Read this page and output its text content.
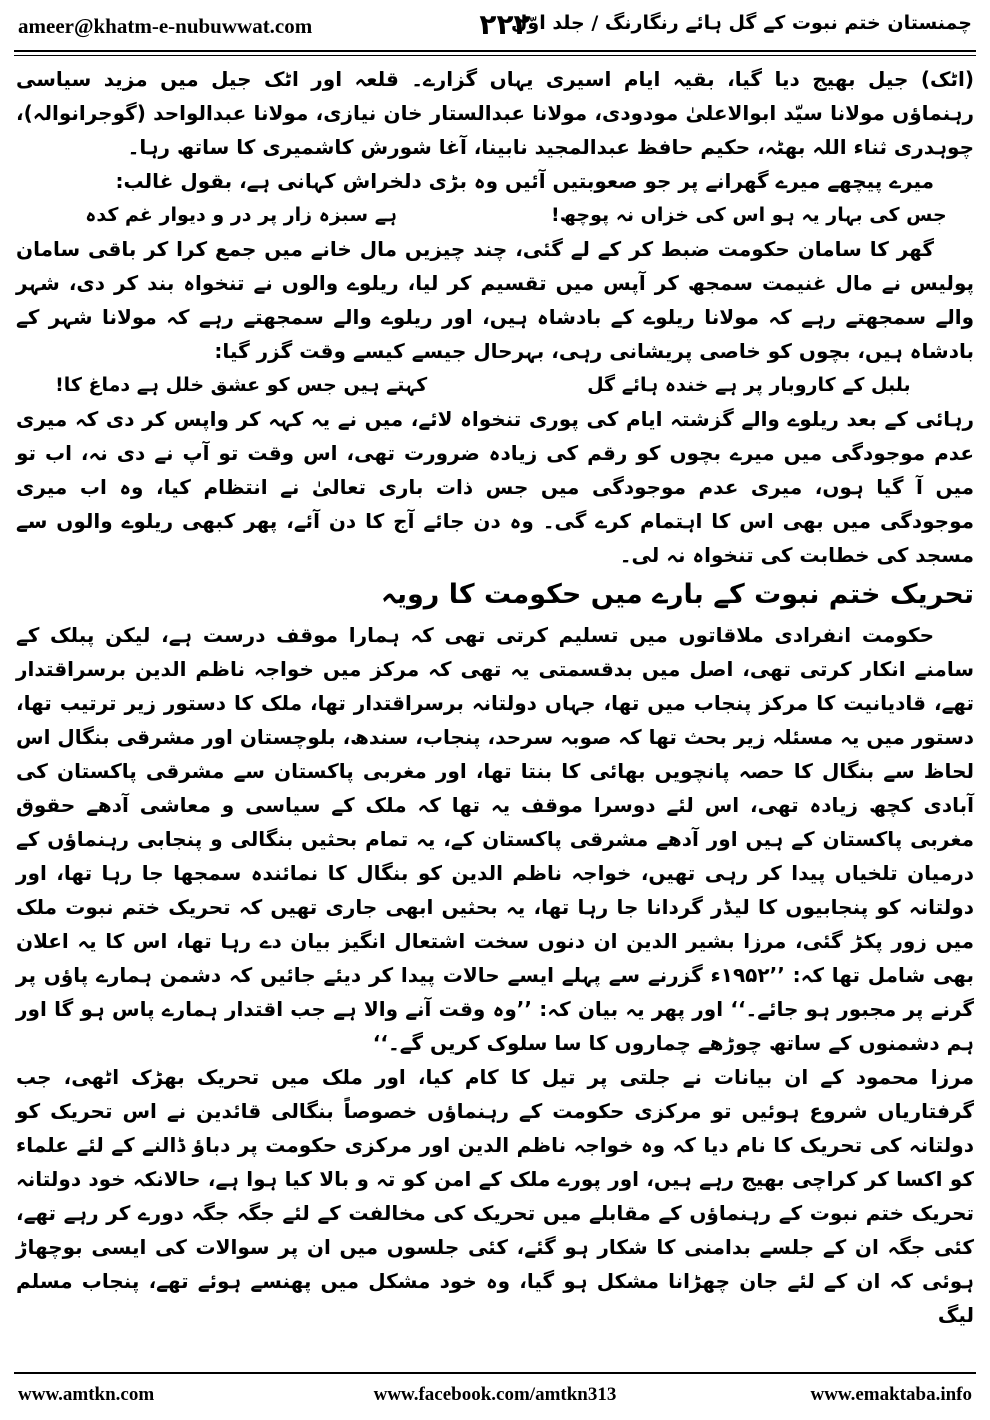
ameer@khatm-e-nubuwwat.com	۲۲۲
چمنستان ختم نبوت کے گل ہائے رنگارنگ / جلد اوّل

(اٹک) جیل بھیج دیا گیا، بقیہ ایام اسیری یہاں گزارے۔ قلعہ اور اٹک جیل میں مزید سیاسی رہنماؤں مولانا سیّد ابوالاعلیٰ مودودی، مولانا عبدالستار خان نیازی، مولانا عبدالواحد (گوجرانوالہ)، چوہدری ثناء اللہ بھٹہ، حکیم حافظ عبدالمجید نابینا، آغا شورش کاشمیری کا ساتھ رہا۔

میرے پیچھے میرے گھرانے پر جو صعوبتیں آئیں وہ بڑی دلخراش کہانی ہے، بقول غالب:

جس کی بہار یہ ہو اس کی خزاں نہ پوچھ!
ہے سبزہ زار پر در و دیوار غم کدہ

گھر کا سامان حکومت ضبط کر کے لے گئی، چند چیزیں مال خانے میں جمع کرا کر باقی سامان پولیس نے مال غنیمت سمجھ کر آپس میں تقسیم کر لیا، ریلوے والوں نے تنخواہ بند کر دی، شہر والے سمجھتے رہے کہ مولانا ریلوے کے بادشاہ ہیں، اور ریلوے والے سمجھتے رہے کہ مولانا شہر کے بادشاہ ہیں، بچوں کو خاصی پریشانی رہی، بہرحال جیسے کیسے وقت گزر گیا:

بلبل کے کاروبار پر ہے خندہ ہائے گل
کہتے ہیں جس کو عشق خلل ہے دماغ کا!

رہائی کے بعد ریلوے والے گزشتہ ایام کی پوری تنخواہ لائے، میں نے یہ کہہ کر واپس کر دی کہ میری عدم موجودگی میں میرے بچوں کو رقم کی زیادہ ضرورت تھی، اس وقت تو آپ نے دی نہ، اب تو میں آ گیا ہوں، میری عدم موجودگی میں جس ذات باری تعالیٰ نے انتظام کیا، وہ اب میری موجودگی میں بھی اس کا اہتمام کرے گی۔ وہ دن جائے آج کا دن آئے، پھر کبھی ریلوے والوں سے مسجد کی خطابت کی تنخواہ نہ لی۔

تحریک ختم نبوت کے بارے میں حکومت کا رویہ

حکومت انفرادی ملاقاتوں میں تسلیم کرتی تھی کہ ہمارا موقف درست ہے، لیکن پبلک کے سامنے انکار کرتی تھی، اصل میں بدقسمتی یہ تھی کہ مرکز میں خواجہ ناظم الدین برسراقتدار تھے، قادیانیت کا مرکز پنجاب میں تھا، جہاں دولتانہ برسراقتدار تھا، ملک کا دستور زیر ترتیب تھا، دستور میں یہ مسئلہ زیر بحث تھا کہ صوبہ سرحد، پنجاب، سندھ، بلوچستان اور مشرقی بنگال اس لحاظ سے بنگال کا حصہ پانچویں بھائی کا بنتا تھا، اور مغربی پاکستان سے مشرقی پاکستان کی آبادی کچھ زیادہ تھی، اس لئے دوسرا موقف یہ تھا کہ ملک کے سیاسی و معاشی آدھے حقوق مغربی پاکستان کے ہیں اور آدھے مشرقی پاکستان کے، یہ تمام بحثیں بنگالی و پنجابی رہنماؤں کے درمیان تلخیاں پیدا کر رہی تھیں، خواجہ ناظم الدین کو بنگال کا نمائندہ سمجھا جا رہا تھا، اور دولتانہ کو پنجابیوں کا لیڈر گردانا جا رہا تھا، یہ بحثیں ابھی جاری تھیں کہ تحریک ختم نبوت ملک میں زور پکڑ گئی، مرزا بشیر الدین ان دنوں سخت اشتعال انگیز بیان دے رہا تھا، اس کا یہ اعلان بھی شامل تھا کہ: ’’۱۹۵۲ء گزرنے سے پہلے ایسے حالات پیدا کر دیئے جائیں کہ دشمن ہمارے پاؤں پر گرنے پر مجبور ہو جائے۔‘‘ اور پھر یہ بیان کہ: ’’وہ وقت آنے والا ہے جب اقتدار ہمارے پاس ہو گا اور ہم دشمنوں کے ساتھ چوڑھے چماروں کا سا سلوک کریں گے۔‘‘

مرزا محمود کے ان بیانات نے جلتی پر تیل کا کام کیا، اور ملک میں تحریک بھڑک اٹھی، جب گرفتاریاں شروع ہوئیں تو مرکزی حکومت کے رہنماؤں خصوصاً بنگالی قائدین نے اس تحریک کو دولتانہ کی تحریک کا نام دیا کہ وہ خواجہ ناظم الدین اور مرکزی حکومت پر دباؤ ڈالنے کے لئے علماء کو اکسا کر کراچی بھیج رہے ہیں، اور پورے ملک کے امن کو تہ و بالا کیا ہوا ہے، حالانکہ خود دولتانہ تحریک ختم نبوت کے رہنماؤں کے مقابلے میں تحریک کی مخالفت کے لئے جگہ جگہ دورے کر رہے تھے، کئی جگہ ان کے جلسے بدامنی کا شکار ہو گئے، کئی جلسوں میں ان پر سوالات کی ایسی بوچھاڑ ہوئی کہ ان کے لئے جان چھڑانا مشکل ہو گیا، وہ خود مشکل میں پھنسے ہوئے تھے، پنجاب مسلم لیگ

www.amtkn.com	www.facebook.com/amtkn313	www.emaktaba.info
